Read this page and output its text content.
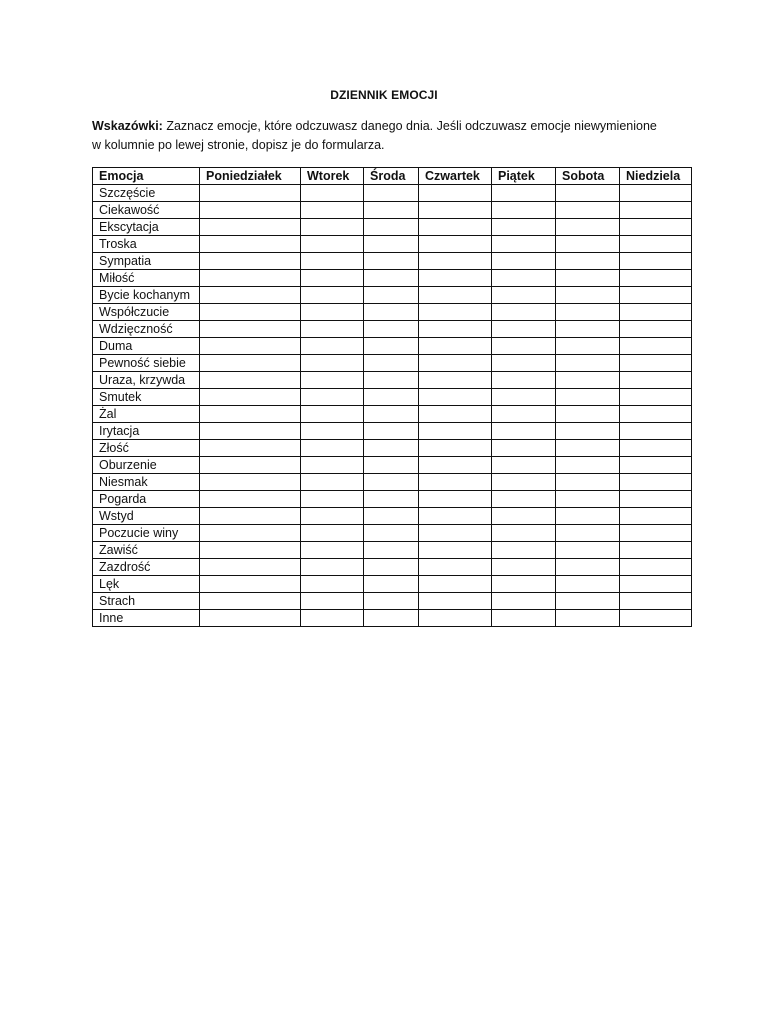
DZIENNIK EMOCJI
Wskazówki: Zaznacz emocje, które odczuwasz danego dnia. Jeśli odczuwasz emocje niewymienione
w kolumnie po lewej stronie, dopisz je do formularza.
Emocja	Poniedziałek	Wtorek	Środa	Czwartek	Piątek	Sobota	Niedziela
Szczęście							
Ciekawość							
Ekscytacja							
Troska							
Sympatia							
Miłość							
Bycie kochanym							
Współczucie							
Wdzięczność							
Duma							
Pewność siebie							
Uraza, krzywda							
Smutek							
Żal							
Irytacja							
Złość							
Oburzenie							
Niesmak							
Pogarda							
Wstyd							
Poczucie winy							
Zawiść							
Zazdrość							
Lęk							
Strach							
Inne							
